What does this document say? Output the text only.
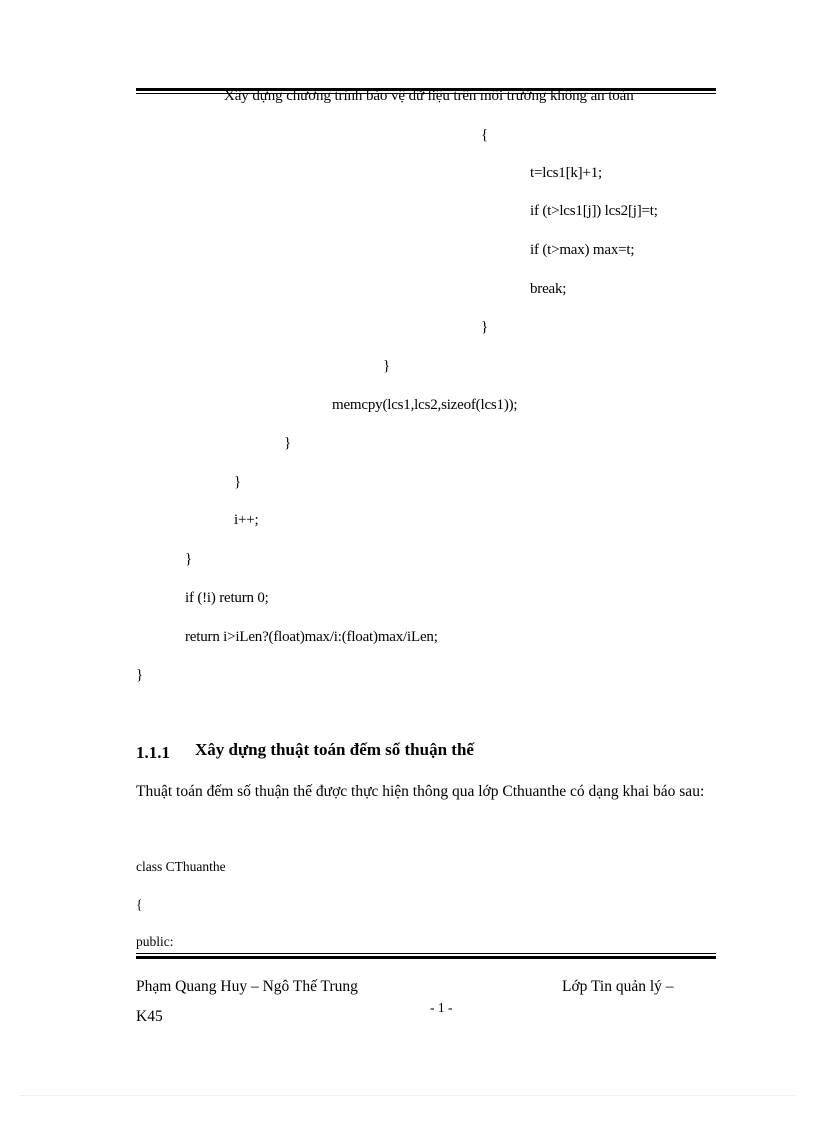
Xây dựng chương trình bảo vệ dữ liệu trên môi trường không an toàn
{
t=lcs1[k]+1;
if (t>lcs1[j]) lcs2[j]=t;
if (t>max) max=t;
break;
}
}
memcpy(lcs1,lcs2,sizeof(lcs1));
}
}
i++;
}
if (!i) return 0;
return i>iLen?(float)max/i:(float)max/iLen;
}
1.1.1 Xây dựng thuật toán đếm số thuận thế
Thuật toán đếm số thuận thế được thực hiện thông qua lớp Cthuanthe có dạng khai báo sau:
class CThuanthe
{
public:
Phạm Quang Huy – Ngô Thế Trung	Lớp Tin quản lý –
K45
- 1 -
